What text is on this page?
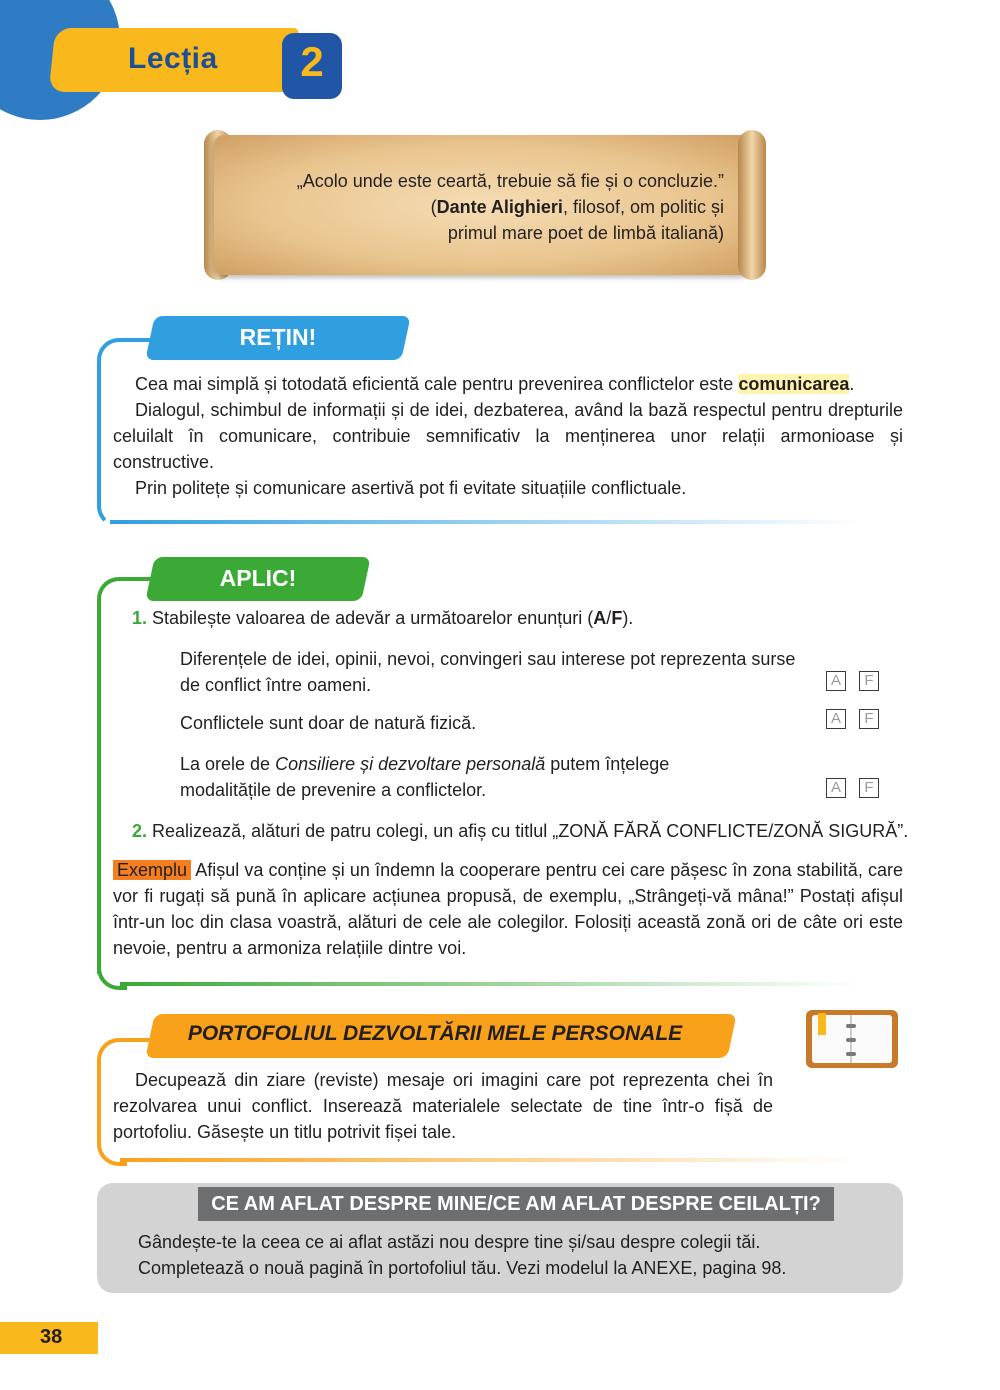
Lecția	2
„Acolo unde este ceartă, trebuie să fie și o concluzie.”
(Dante Alighieri, filosof, om politic și
primul mare poet de limbă italiană)
REȚIN!

Cea mai simplă și totodată eficientă cale pentru prevenirea conflictelor este comunicarea.

Dialogul, schimbul de informații și de idei, dezbaterea, având la bază respectul pentru drepturile celuilalt în comunicare, contribuie semnificativ la menținerea unor relații armonioase și constructive.

Prin politețe și comunicare asertivă pot fi evitate situațiile conflictuale.

APLIC!
1. Stabilește valoarea de adevăr a următoarelor enunțuri (A/F).
Diferențele de idei, opinii, nevoi, convingeri sau interese pot reprezenta surse de conflict între oameni.	A	F
Conflictele sunt doar de natură fizică.	A	F
La orele de Consiliere și dezvoltare personală putem înțelege modalitățile de prevenire a conflictelor.	A	F
2. Realizează, alături de patru colegi, un afiș cu titlul „ZONĂ FĂRĂ CONFLICTE/ZONĂ SIGURĂ”.
Exemplu Afișul va conține și un îndemn la cooperare pentru cei care pășesc în zona stabilită, care vor fi rugați să pună în aplicare acțiunea propusă, de exemplu, „Strângeți-vă mâna!” Postați afișul într-un loc din clasa voastră, alături de cele ale colegilor. Folosiți această zonă ori de câte ori este nevoie, pentru a armoniza relațiile dintre voi.
PORTOFOLIUL DEZVOLTĂRII MELE PERSONALE

Decupează din ziare (reviste) mesaje ori imagini care pot reprezenta chei în rezolvarea unui conflict. Inserează materialele selectate de tine într-o fișă de portofoliu. Găsește un titlu potrivit fișei tale.

CE AM AFLAT DESPRE MINE/CE AM AFLAT DESPRE CEILALȚI?
Gândește-te la ceea ce ai aflat astăzi nou despre tine și/sau despre colegii tăi.
Completează o nouă pagină în portofoliul tău. Vezi modelul la ANEXE, pagina 98.
38
